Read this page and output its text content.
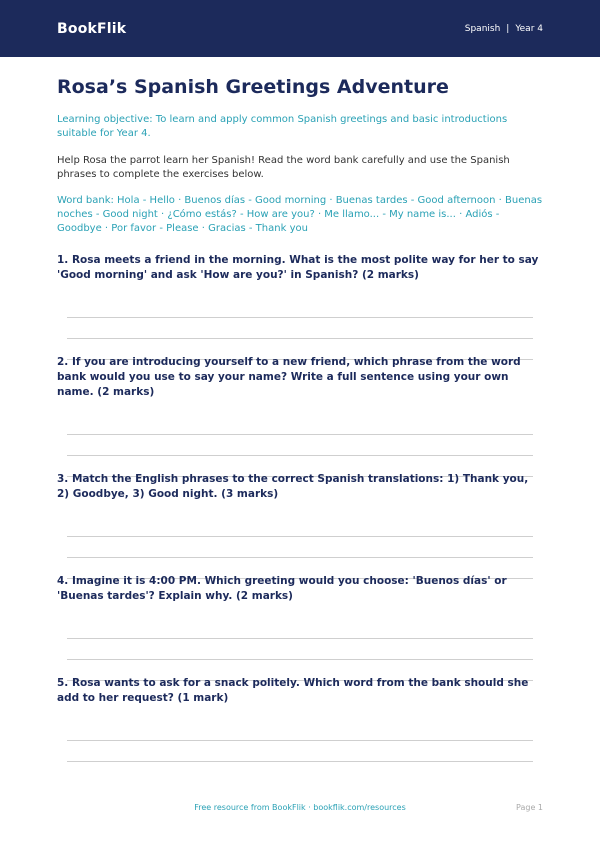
BookFlik	Spanish | Year 4
Rosa’s Spanish Greetings Adventure
Learning objective: To learn and apply common Spanish greetings and basic introductions suitable for Year 4.
Help Rosa the parrot learn her Spanish! Read the word bank carefully and use the Spanish phrases to complete the exercises below.
Word bank: Hola - Hello · Buenos días - Good morning · Buenas tardes - Good afternoon · Buenas noches - Good night · ¿Cómo estás? - How are you? · Me llamo... - My name is... · Adiós - Goodbye · Por favor - Please · Gracias - Thank you
1. Rosa meets a friend in the morning. What is the most polite way for her to say 'Good morning' and ask 'How are you?' in Spanish? (2 marks)
2. If you are introducing yourself to a new friend, which phrase from the word bank would you use to say your name? Write a full sentence using your own name. (2 marks)
3. Match the English phrases to the correct Spanish translations: 1) Thank you, 2) Goodbye, 3) Good night. (3 marks)
4. Imagine it is 4:00 PM. Which greeting would you choose: 'Buenos días' or 'Buenas tardes'? Explain why. (2 marks)
5. Rosa wants to ask for a snack politely. Which word from the bank should she add to her request? (1 mark)
Free resource from BookFlik · bookflik.com/resources	Page 1
